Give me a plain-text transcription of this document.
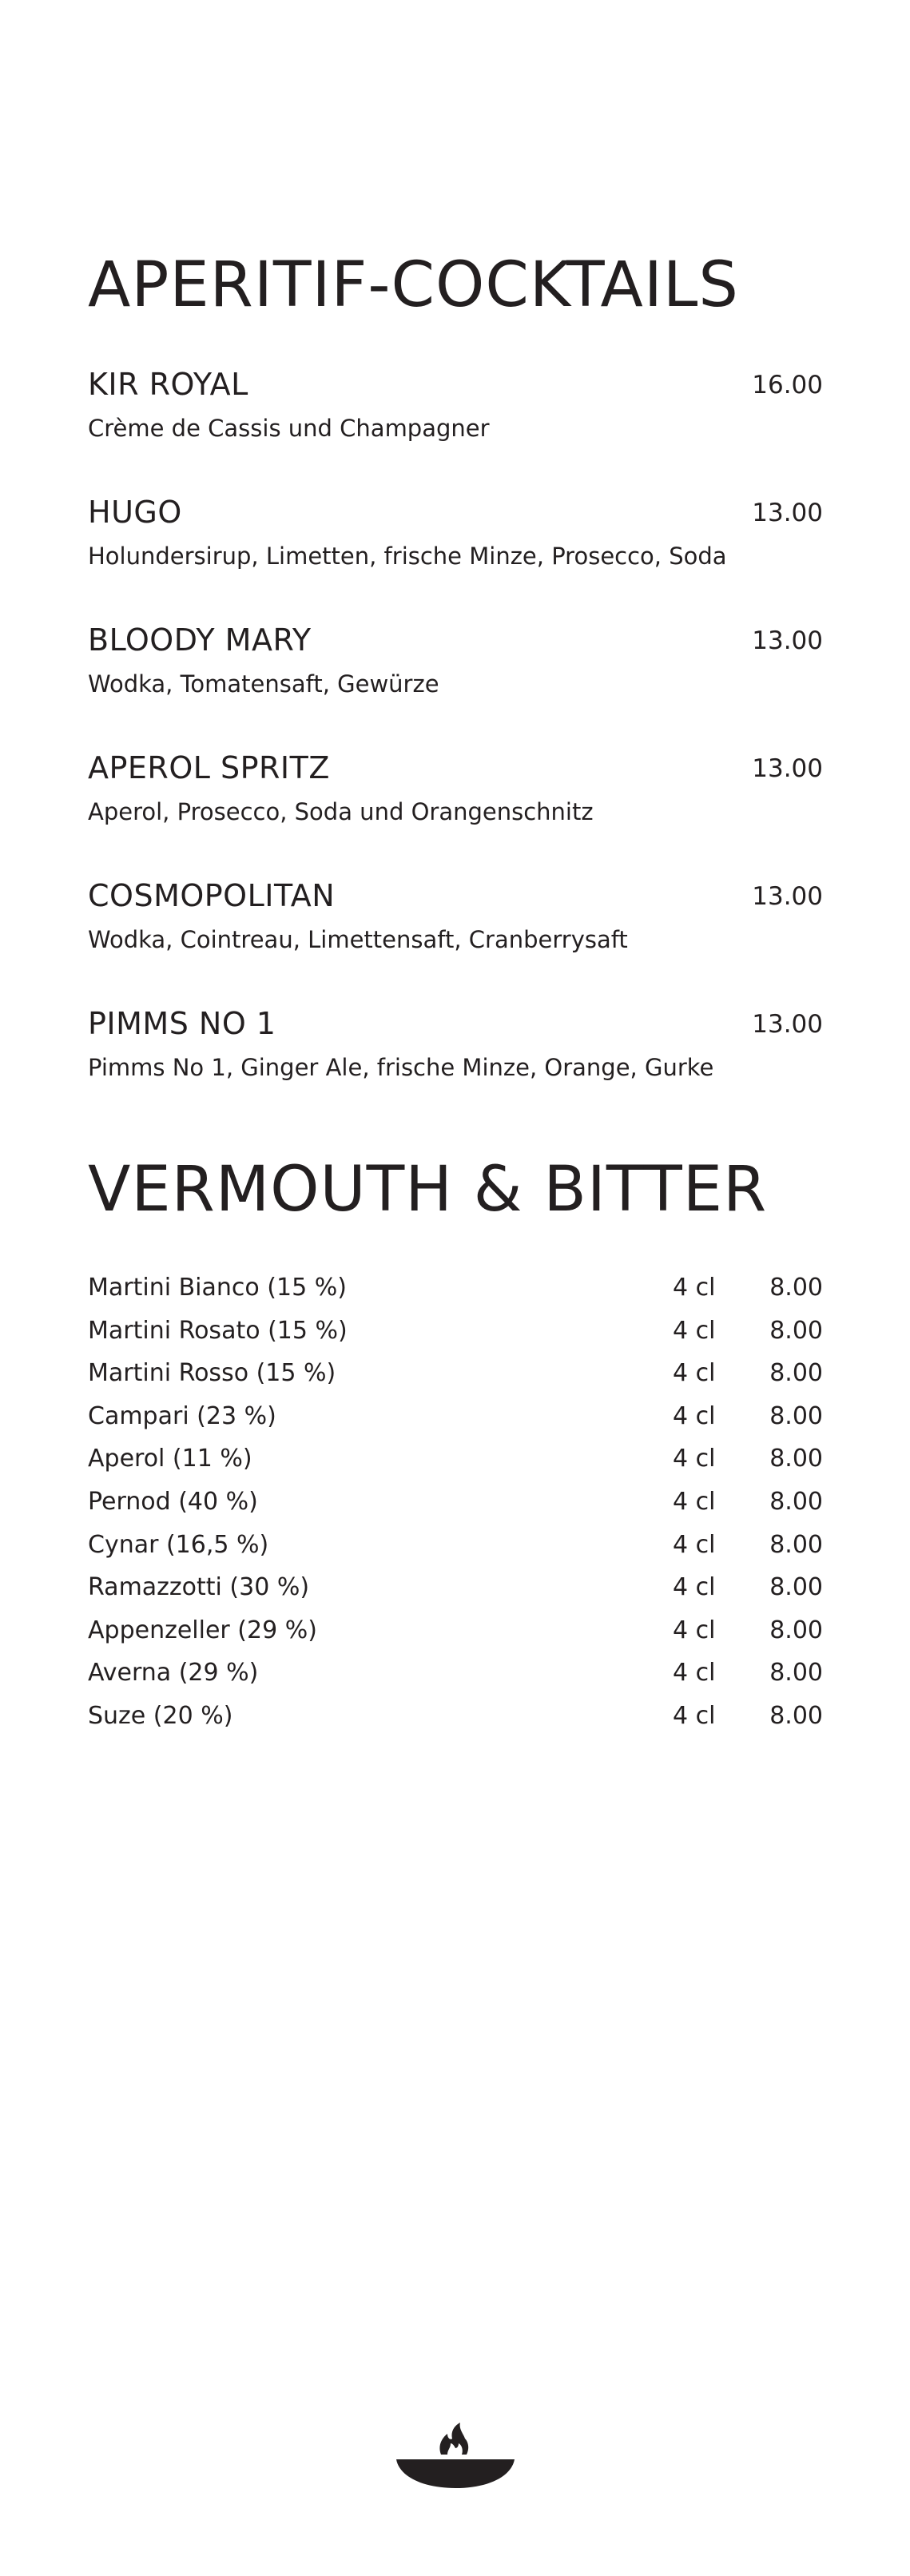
APERITIF-COCKTAILS
KIR ROYAL	16.00
Crème de Cassis und Champagner
HUGO	13.00
Holundersirup, Limetten, frische Minze, Prosecco, Soda
BLOODY MARY	13.00
Wodka, Tomatensaft, Gewürze
APEROL SPRITZ	13.00
Aperol, Prosecco, Soda und Orangenschnitz
COSMOPOLITAN	13.00
Wodka, Cointreau, Limettensaft, Cranberrysaft
PIMMS NO 1	13.00
Pimms No 1, Ginger Ale, frische Minze, Orange, Gurke
VERMOUTH & BITTER
Martini Bianco (15 %)	4 cl 8.00
Martini Rosato (15 %)	4 cl 8.00
Martini Rosso (15 %)	4 cl 8.00
Campari (23 %)	4 cl 8.00
Aperol (11 %)	4 cl 8.00
Pernod (40 %)	4 cl 8.00
Cynar (16,5 %)	4 cl 8.00
Ramazzotti (30 %)	4 cl 8.00
Appenzeller (29 %)	4 cl 8.00
Averna (29 %)	4 cl 8.00
Suze (20 %)	4 cl 8.00
